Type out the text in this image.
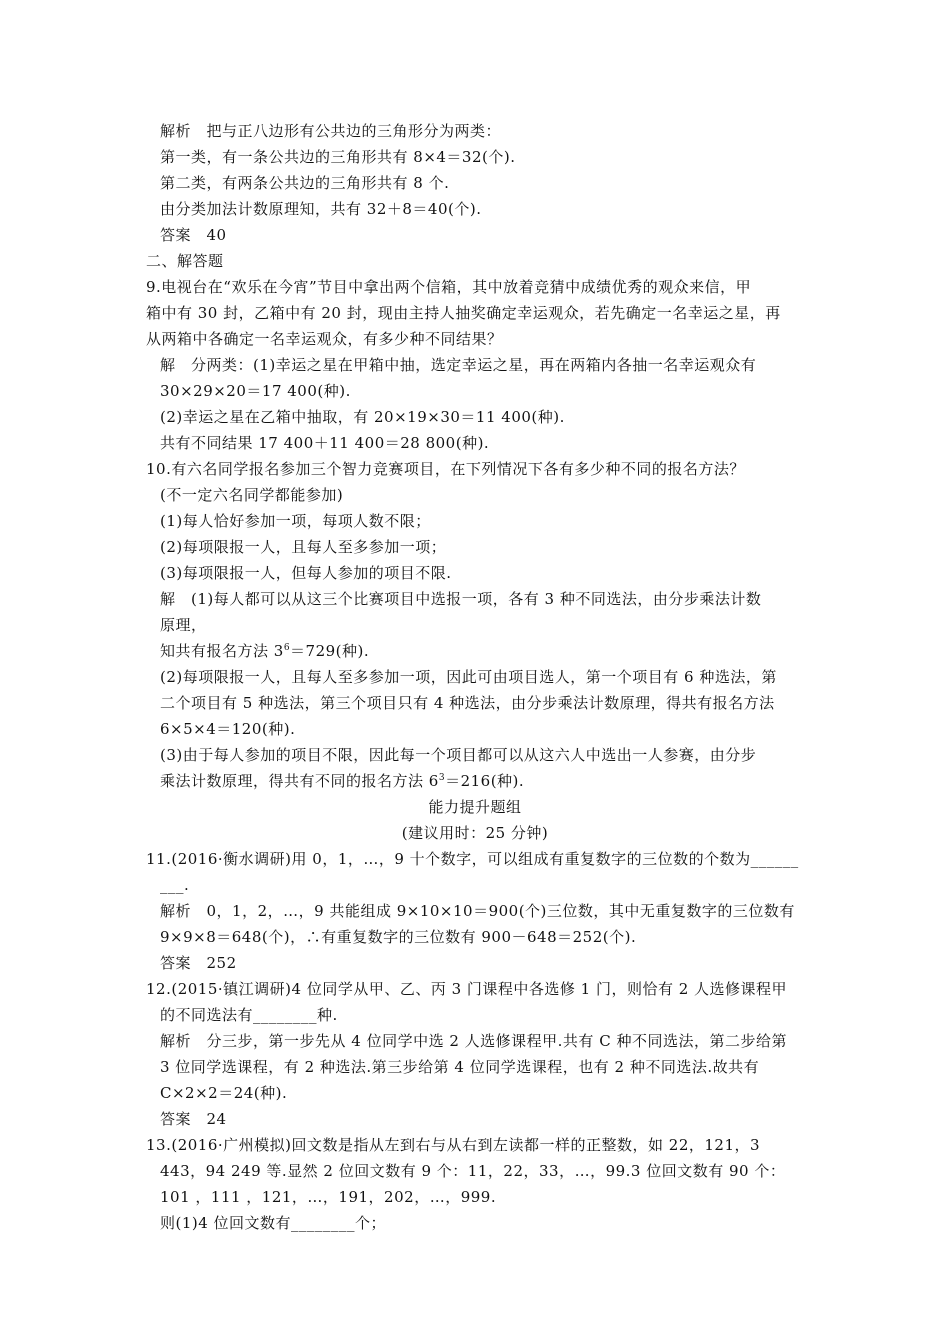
解析　把与正八边形有公共边的三角形分为两类：
第一类，有一条公共边的三角形共有 8×4＝32(个).
第二类，有两条公共边的三角形共有 8 个.
由分类加法计数原理知，共有 32＋8＝40(个).
答案　40
二、解答题
9.电视台在“欢乐在今宵”节目中拿出两个信箱，其中放着竞猜中成绩优秀的观众来信，甲
箱中有 30 封，乙箱中有 20 封，现由主持人抽奖确定幸运观众，若先确定一名幸运之星，再
从两箱中各确定一名幸运观众，有多少种不同结果？
解　分两类：(1)幸运之星在甲箱中抽，选定幸运之星，再在两箱内各抽一名幸运观众有
30×29×20＝17 400(种).
(2)幸运之星在乙箱中抽取，有 20×19×30＝11 400(种).
共有不同结果 17 400＋11 400＝28 800(种).
10.有六名同学报名参加三个智力竞赛项目，在下列情况下各有多少种不同的报名方法？
(不一定六名同学都能参加)
(1)每人恰好参加一项，每项人数不限；
(2)每项限报一人，且每人至多参加一项；
(3)每项限报一人，但每人参加的项目不限.
解　(1)每人都可以从这三个比赛项目中选报一项，各有 3 种不同选法，由分步乘法计数
原理，
知共有报名方法 $3^6=729$(种).
(2)每项限报一人，且每人至多参加一项，因此可由项目选人，第一个项目有 6 种选法，第
二个项目有 5 种选法，第三个项目只有 4 种选法，由分步乘法计数原理，得共有报名方法
6×5×4＝120(种).
(3)由于每人参加的项目不限，因此每一个项目都可以从这六人中选出一人参赛，由分步
乘法计数原理，得共有不同的报名方法 $6^3=216$(种).
能力提升题组
(建议用时：25 分钟)
11.(2016·衡水调研)用 0，1，…，9 十个数字，可以组成有重复数字的三位数的个数为______
___.
解析　0，1，2，…，9 共能组成 9×10×10＝900(个)三位数，其中无重复数字的三位数有
9×9×8＝648(个)，∴有重复数字的三位数有 900－648＝252(个).
答案　252
12.(2015·镇江调研)4 位同学从甲、乙、丙 3 门课程中各选修 1 门，则恰有 2 人选修课程甲
的不同选法有________种.
解析　分三步，第一步先从 4 位同学中选 2 人选修课程甲.共有 C 种不同选法，第二步给第
3 位同学选课程，有 2 种选法.第三步给第 4 位同学选课程，也有 2 种不同选法.故共有
C×2×2＝24(种).
答案　24
13.(2016·广州模拟)回文数是指从左到右与从右到左读都一样的正整数，如 22，121，3
443，94 249 等.显然 2 位回文数有 9 个：11，22，33，…，99.3 位回文数有 90 个：
101 ，111 ，121，…，191，202，…，999.
则(1)4 位回文数有________个；
